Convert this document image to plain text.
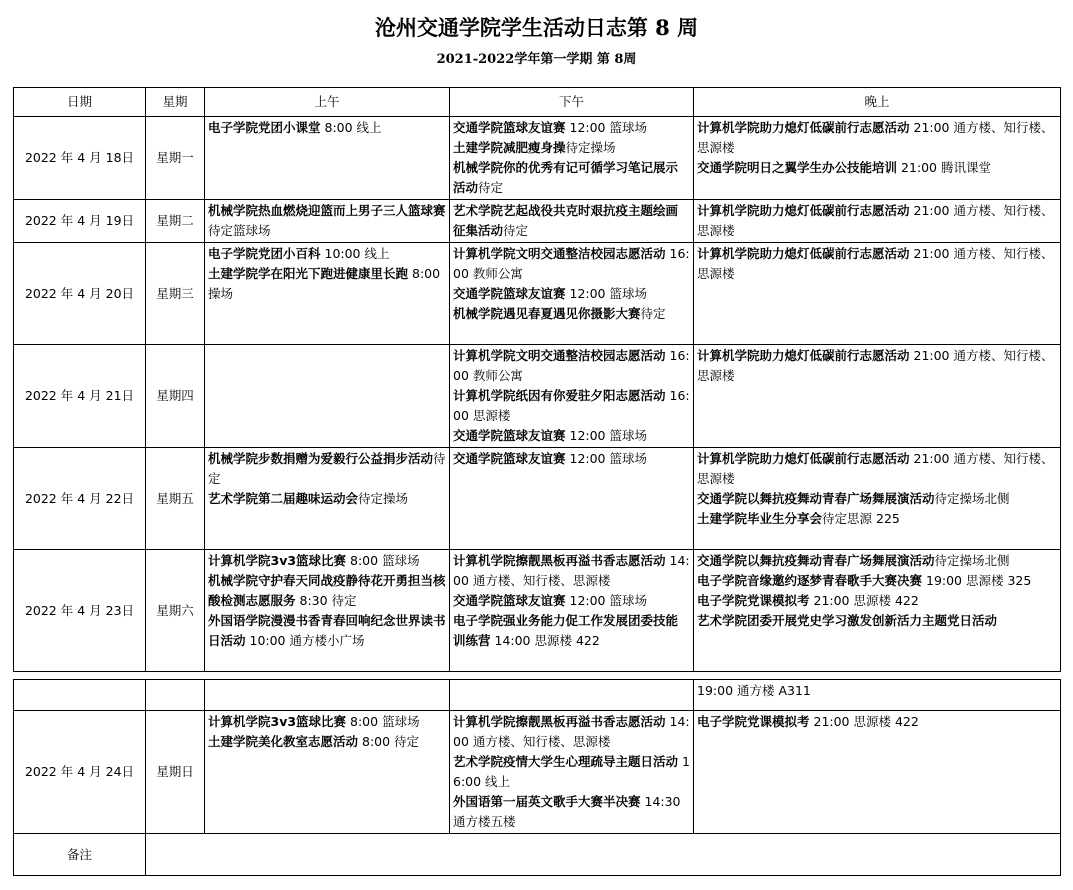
沧州交通学院学生活动日志第 8 周
2021-2022学年第一学期 第 8周
日期	星期	上午	下午	晚上
2022 年 4 月 18日	星期一	电子学院党团小课堂 8:00 线上	交通学院篮球友谊赛 12:00 篮球场
土建学院减肥瘦身操待定操场
机械学院你的优秀有记可循学习笔记展示活动待定	计算机学院助力熄灯低碳前行志愿活动 21:00 通方楼、知行楼、思源楼
交通学院明日之翼学生办公技能培训 21:00 腾讯课堂

2022 年 4 月 19日	星期二	机械学院热血燃烧迎篮而上男子三人篮球赛待定篮球场	艺术学院艺起战役共克时艰抗疫主题绘画征集活动待定	计算机学院助力熄灯低碳前行志愿活动 21:00 通方楼、知行楼、思源楼

2022 年 4 月 20日	星期三	电子学院党团小百科 10:00 线上
土建学院学在阳光下跑进健康里长跑 8:00 操场	计算机学院文明交通整洁校园志愿活动 16:00 教师公寓
交通学院篮球友谊赛 12:00 篮球场
机械学院遇见春夏遇见你摄影大赛待定	计算机学院助力熄灯低碳前行志愿活动 21:00 通方楼、知行楼、思源楼

2022 年 4 月 21日	星期四		计算机学院文明交通整洁校园志愿活动 16:00 教师公寓
计算机学院纸因有你爱驻夕阳志愿活动 16:00 思源楼
交通学院篮球友谊赛 12:00 篮球场	计算机学院助力熄灯低碳前行志愿活动 21:00 通方楼、知行楼、思源楼

2022 年 4 月 22日	星期五	机械学院步数捐赠为爱毅行公益捐步活动待定
艺术学院第二届趣味运动会待定操场	交通学院篮球友谊赛 12:00 篮球场	计算机学院助力熄灯低碳前行志愿活动 21:00 通方楼、知行楼、思源楼
交通学院以舞抗疫舞动青春广场舞展演活动待定操场北侧
土建学院毕业生分享会待定思源 225

2022 年 4 月 23日	星期六	计算机学院3v3篮球比赛 8:00 篮球场
机械学院守护春天同战疫静待花开勇担当核酸检测志愿服务 8:30 待定
外国语学院漫漫书香青春回响纪念世界读书日活动 10:00 通方楼小广场	计算机学院擦靓黑板再溢书香志愿活动 14:00 通方楼、知行楼、思源楼
交通学院篮球友谊赛 12:00 篮球场
电子学院强业务能力促工作发展团委技能训练营 14:00 思源楼 422	交通学院以舞抗疫舞动青春广场舞展演活动待定操场北侧
电子学院音缘邀约逐梦青春歌手大赛决赛 19:00 思源楼 325
电子学院党课模拟考 21:00 思源楼 422
艺术学院团委开展党史学习激发创新活力主题党日活动

				19:00 通方楼 A311

2022 年 4 月 24日	星期日	计算机学院3v3篮球比赛 8:00 篮球场
土建学院美化教室志愿活动 8:00 待定	计算机学院擦靓黑板再溢书香志愿活动 14:00 通方楼、知行楼、思源楼
艺术学院疫情大学生心理疏导主题日活动 16:00 线上
外国语第一届英文歌手大赛半决赛 14:30 通方楼五楼	电子学院党课模拟考 21:00 思源楼 422

备注				
